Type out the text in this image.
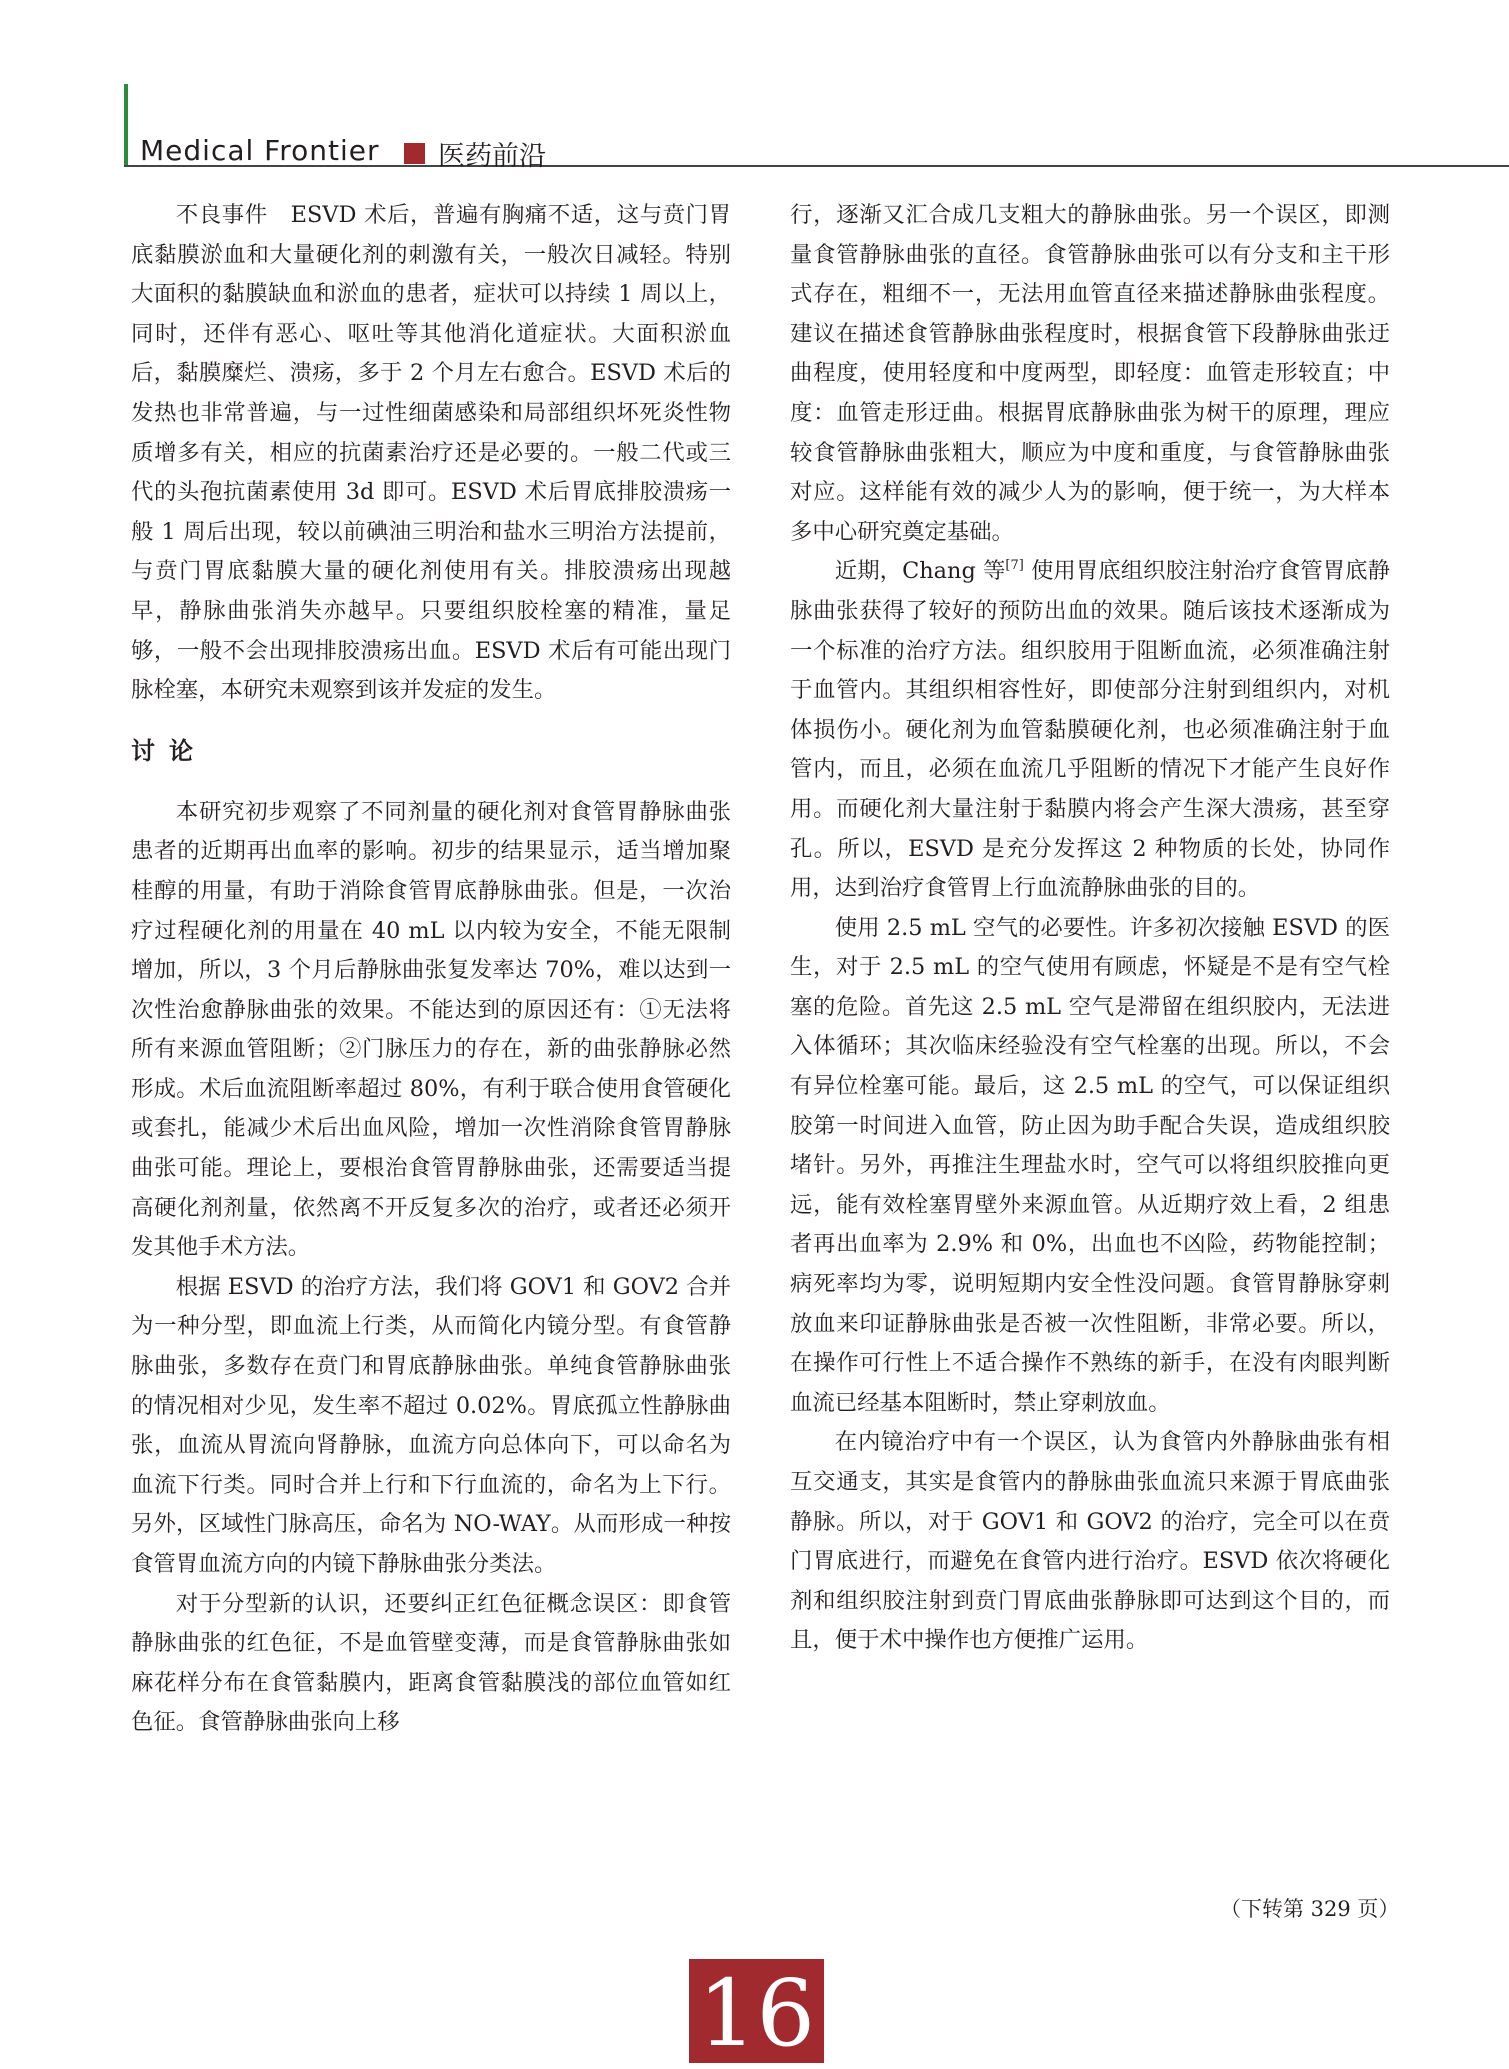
Medical Frontier 医药前沿

不良事件　ESVD 术后，普遍有胸痛不适，这与贲门胃底黏膜淤血和大量硬化剂的刺激有关，一般次日减轻。特别大面积的黏膜缺血和淤血的患者，症状可以持续 1 周以上，同时，还伴有恶心、呕吐等其他消化道症状。大面积淤血后，黏膜糜烂、溃疡，多于 2 个月左右愈合。ESVD 术后的发热也非常普遍，与一过性细菌感染和局部组织坏死炎性物质增多有关，相应的抗菌素治疗还是必要的。一般二代或三代的头孢抗菌素使用 3d 即可。ESVD 术后胃底排胶溃疡一般 1 周后出现，较以前碘油三明治和盐水三明治方法提前，与贲门胃底黏膜大量的硬化剂使用有关。排胶溃疡出现越早，静脉曲张消失亦越早。只要组织胶栓塞的精准，量足够，一般不会出现排胶溃疡出血。ESVD 术后有可能出现门脉栓塞，本研究未观察到该并发症的发生。

讨论

本研究初步观察了不同剂量的硬化剂对食管胃静脉曲张患者的近期再出血率的影响。初步的结果显示，适当增加聚桂醇的用量，有助于消除食管胃底静脉曲张。但是，一次治疗过程硬化剂的用量在 40 mL 以内较为安全，不能无限制增加，所以，3 个月后静脉曲张复发率达 70%，难以达到一次性治愈静脉曲张的效果。不能达到的原因还有：①无法将所有来源血管阻断；②门脉压力的存在，新的曲张静脉必然形成。术后血流阻断率超过 80%，有利于联合使用食管硬化或套扎，能减少术后出血风险，增加一次性消除食管胃静脉曲张可能。理论上，要根治食管胃静脉曲张，还需要适当提高硬化剂剂量，依然离不开反复多次的治疗，或者还必须开发其他手术方法。

根据 ESVD 的治疗方法，我们将 GOV1 和 GOV2 合并为一种分型，即血流上行类，从而简化内镜分型。有食管静脉曲张，多数存在贲门和胃底静脉曲张。单纯食管静脉曲张的情况相对少见，发生率不超过 0.02%。胃底孤立性静脉曲张，血流从胃流向肾静脉，血流方向总体向下，可以命名为血流下行类。同时合并上行和下行血流的，命名为上下行。另外，区域性门脉高压，命名为 NO-WAY。从而形成一种按食管胃血流方向的内镜下静脉曲张分类法。

对于分型新的认识，还要纠正红色征概念误区：即食管静脉曲张的红色征，不是血管壁变薄，而是食管静脉曲张如麻花样分布在食管黏膜内，距离食管黏膜浅的部位血管如红色征。食管静脉曲张向上移

行，逐渐又汇合成几支粗大的静脉曲张。另一个误区，即测量食管静脉曲张的直径。食管静脉曲张可以有分支和主干形式存在，粗细不一，无法用血管直径来描述静脉曲张程度。建议在描述食管静脉曲张程度时，根据食管下段静脉曲张迂曲程度，使用轻度和中度两型，即轻度：血管走形较直；中度：血管走形迂曲。根据胃底静脉曲张为树干的原理，理应较食管静脉曲张粗大，顺应为中度和重度，与食管静脉曲张对应。这样能有效的减少人为的影响，便于统一，为大样本多中心研究奠定基础。

近期，Chang 等[7] 使用胃底组织胶注射治疗食管胃底静脉曲张获得了较好的预防出血的效果。随后该技术逐渐成为一个标准的治疗方法。组织胶用于阻断血流，必须准确注射于血管内。其组织相容性好，即使部分注射到组织内，对机体损伤小。硬化剂为血管黏膜硬化剂，也必须准确注射于血管内，而且，必须在血流几乎阻断的情况下才能产生良好作用。而硬化剂大量注射于黏膜内将会产生深大溃疡，甚至穿孔。所以，ESVD 是充分发挥这 2 种物质的长处，协同作用，达到治疗食管胃上行血流静脉曲张的目的。

使用 2.5 mL 空气的必要性。许多初次接触 ESVD 的医生，对于 2.5 mL 的空气使用有顾虑，怀疑是不是有空气栓塞的危险。首先这 2.5 mL 空气是滞留在组织胶内，无法进入体循环；其次临床经验没有空气栓塞的出现。所以，不会有异位栓塞可能。最后，这 2.5 mL 的空气，可以保证组织胶第一时间进入血管，防止因为助手配合失误，造成组织胶堵针。另外，再推注生理盐水时，空气可以将组织胶推向更远，能有效栓塞胃壁外来源血管。从近期疗效上看，2 组患者再出血率为 2.9% 和 0%，出血也不凶险，药物能控制；病死率均为零，说明短期内安全性没问题。食管胃静脉穿刺放血来印证静脉曲张是否被一次性阻断，非常必要。所以，在操作可行性上不适合操作不熟练的新手，在没有肉眼判断血流已经基本阻断时，禁止穿刺放血。

在内镜治疗中有一个误区，认为食管内外静脉曲张有相互交通支，其实是食管内的静脉曲张血流只来源于胃底曲张静脉。所以，对于 GOV1 和 GOV2 的治疗，完全可以在贲门胃底进行，而避免在食管内进行治疗。ESVD 依次将硬化剂和组织胶注射到贲门胃底曲张静脉即可达到这个目的，而且，便于术中操作也方便推广运用。

（下转第 329 页）
16
